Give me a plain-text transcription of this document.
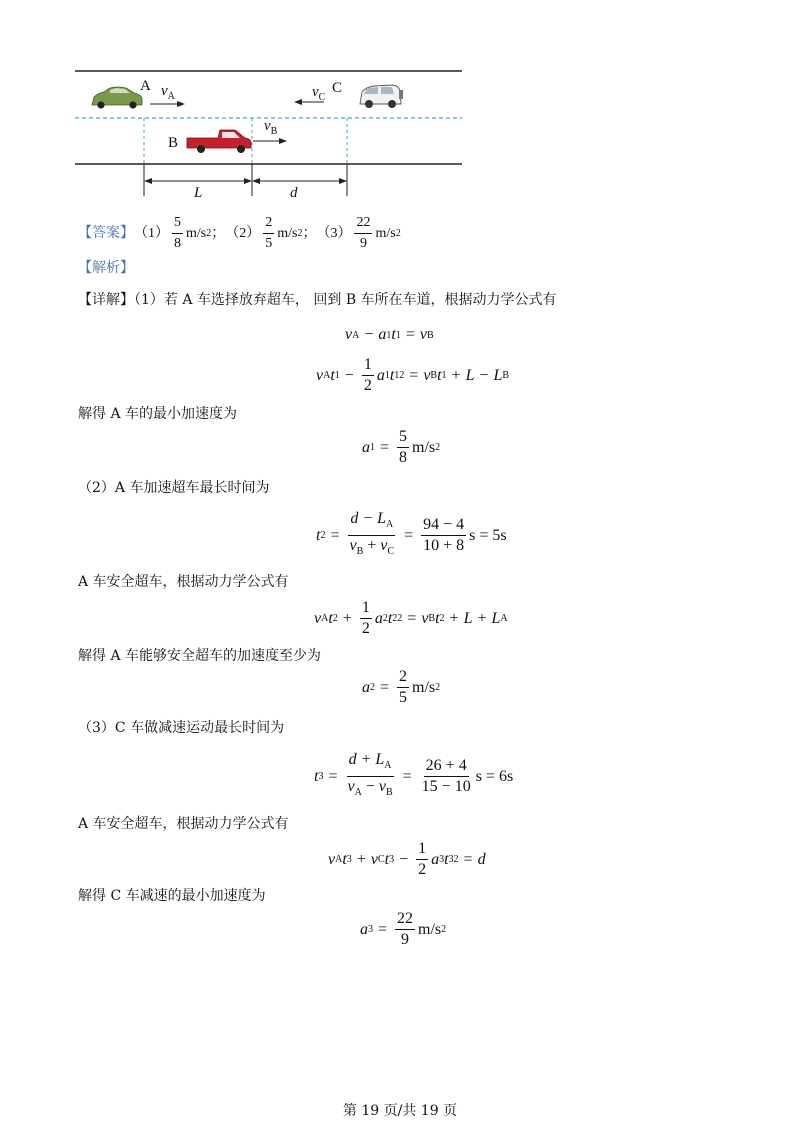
A $v_A$
C
$v_C$
B
$v_B$
L	d
【答案】 $(1) \frac{5}{8} m/s$ 2 ； $(2) \frac{2}{5} m/s$ 2 ； $(3) \frac{22}{9} m/s$ 2
【解析】
【详解】（1）若 A 车选择放弃超车， 回到 B 车所在车道，根据动力学公式有
v A − a 1 t 1 = v B
v A t $1 - \frac{1}{2}$ a 1 t 1 2 = v B t 1 + L − L B
解得 A 车的最小加速度为
a $1 = \frac{5}{8} m/s$ 2
（2）A 车加速超车最长时间为
t $2 = \frac{d - L_A}{v_B + v_C} = \frac{94 - 4}{10 + 8}$ s = 5s
A 车安全超车，根据动力学公式有
v A t $2 + \frac{1}{2}$ a 2 t 2 2 = v B t 2 + L + L A
解得 A 车能够安全超车的加速度至少为
a $2 = \frac{2}{5} m/s$ 2
（3）C 车做减速运动最长时间为
t $3 = \frac{d + L_A}{v_A - v_B} = \frac{26 + 4}{15 - 10}$ s = 6s
A 车安全超车，根据动力学公式有
v A t 3 + v C t $3 - \frac{1}{2}$ a 3 t 3 2 = d
解得 C 车减速的最小加速度为
a $3 = \frac{22}{9} m/s$ 2
第 19 页/共 19 页
